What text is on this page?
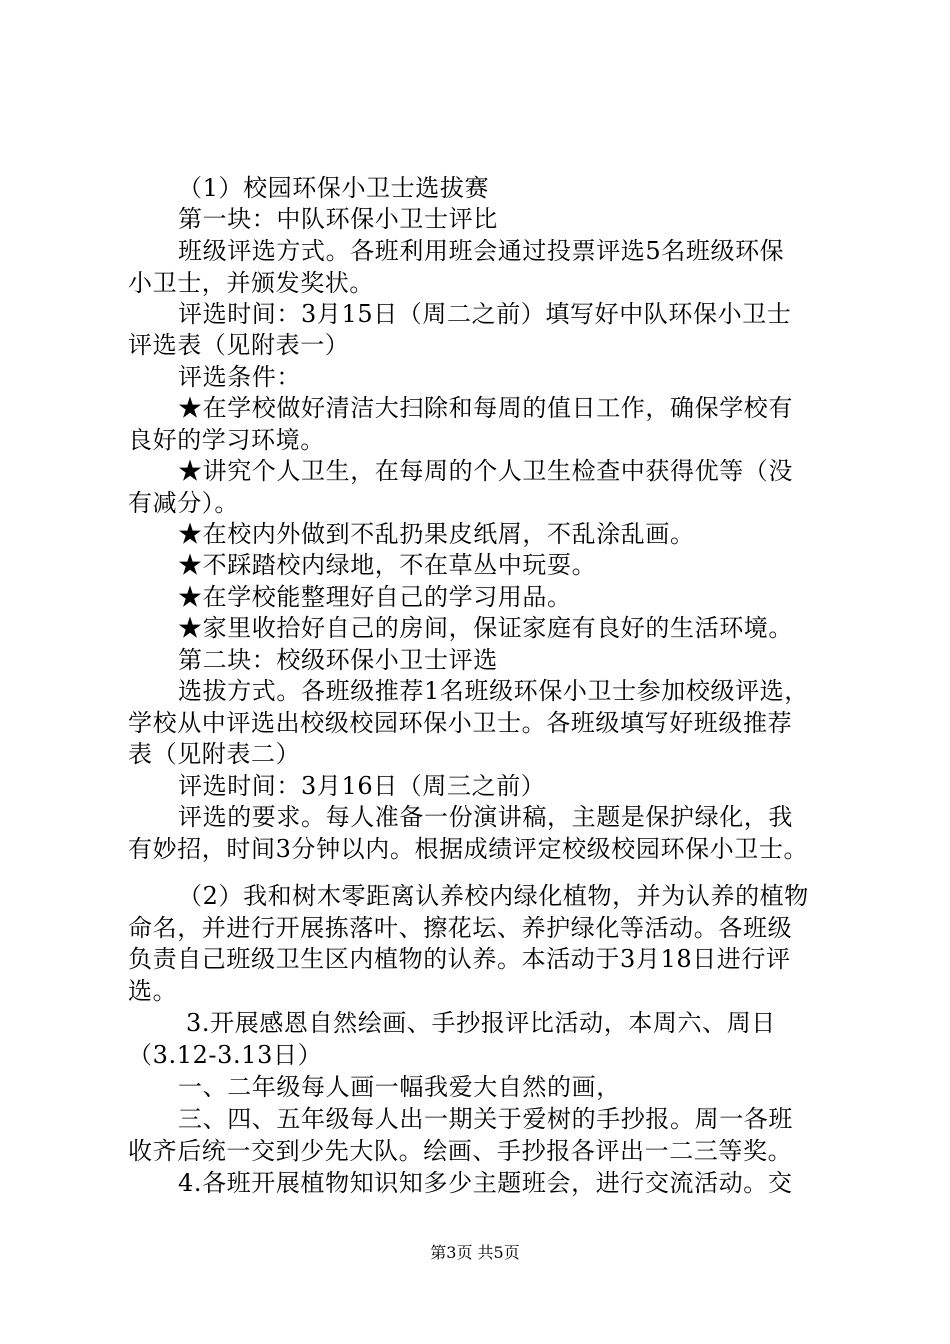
（1）校园环保小卫士选拔赛
第一块：中队环保小卫士评比
班级评选方式。各班利用班会通过投票评选5名班级环保
小卫士，并颁发奖状。
评选时间：3月15日（周二之前）填写好中队环保小卫士
评选表（见附表一）
评选条件：
★在学校做好清洁大扫除和每周的值日工作，确保学校有
良好的学习环境。
★讲究个人卫生，在每周的个人卫生检查中获得优等（没
有减分）。
★在校内外做到不乱扔果皮纸屑，不乱涂乱画。
★不踩踏校内绿地，不在草丛中玩耍。
★在学校能整理好自己的学习用品。
★家里收拾好自己的房间，保证家庭有良好的生活环境。
第二块：校级环保小卫士评选
选拔方式。各班级推荐1名班级环保小卫士参加校级评选，
学校从中评选出校级校园环保小卫士。各班级填写好班级推荐
表（见附表二）
评选时间：3月16日（周三之前）
评选的要求。每人准备一份演讲稿，主题是保护绿化，我
有妙招，时间3分钟以内。根据成绩评定校级校园环保小卫士。
（2）我和树木零距离认养校内绿化植物，并为认养的植物
命名，并进行开展拣落叶、擦花坛、养护绿化等活动。各班级
负责自己班级卫生区内植物的认养。本活动于3月18日进行评
选。
3.开展感恩自然绘画、手抄报评比活动，本周六、周日
（3.12-3.13日）
一、二年级每人画一幅我爱大自然的画，
三、四、五年级每人出一期关于爱树的手抄报。周一各班
收齐后统一交到少先大队。绘画、手抄报各评出一二三等奖。
4.各班开展植物知识知多少主题班会，进行交流活动。交
第3页 共5页
